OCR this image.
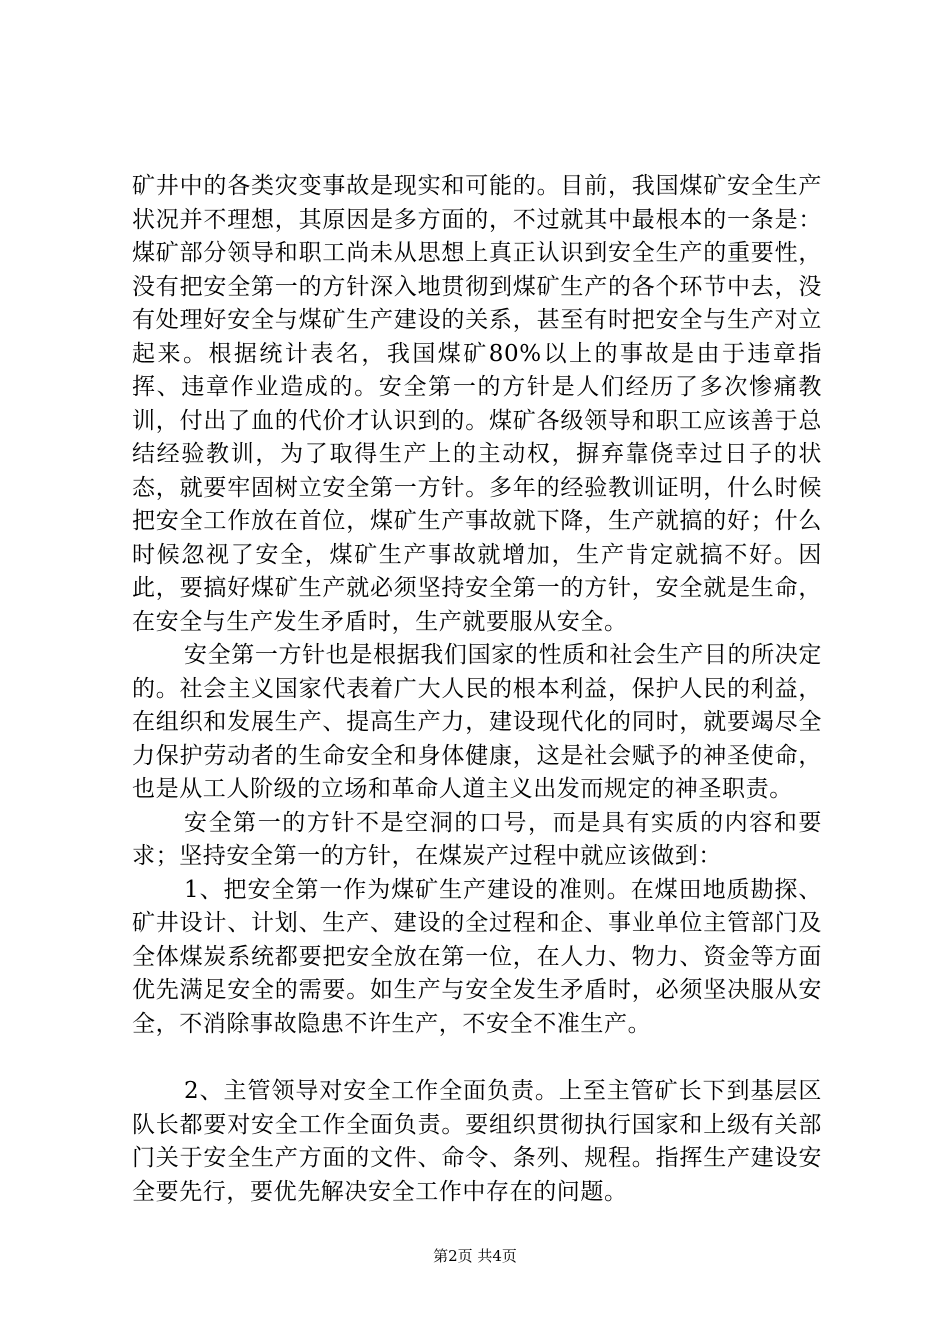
矿井中的各类灾变事故是现实和可能的。目前，我国煤矿安全生产状况并不理想，其原因是多方面的，不过就其中最根本的一条是：煤矿部分领导和职工尚未从思想上真正认识到安全生产的重要性，没有把安全第一的方针深入地贯彻到煤矿生产的各个环节中去，没有处理好安全与煤矿生产建设的关系，甚至有时把安全与生产对立起来。根据统计表名，我国煤矿80%以上的事故是由于违章指挥、违章作业造成的。安全第一的方针是人们经历了多次惨痛教训，付出了血的代价才认识到的。煤矿各级领导和职工应该善于总结经验教训，为了取得生产上的主动权，摒弃靠侥幸过日子的状态，就要牢固树立安全第一方针。多年的经验教训证明，什么时候把安全工作放在首位，煤矿生产事故就下降，生产就搞的好；什么时候忽视了安全，煤矿生产事故就增加，生产肯定就搞不好。因此，要搞好煤矿生产就必须坚持安全第一的方针，安全就是生命，在安全与生产发生矛盾时，生产就要服从安全。

安全第一方针也是根据我们国家的性质和社会生产目的所决定的。社会主义国家代表着广大人民的根本利益，保护人民的利益，在组织和发展生产、提高生产力，建设现代化的同时，就要竭尽全力保护劳动者的生命安全和身体健康，这是社会赋予的神圣使命，也是从工人阶级的立场和革命人道主义出发而规定的神圣职责。

安全第一的方针不是空洞的口号，而是具有实质的内容和要求；坚持安全第一的方针，在煤炭产过程中就应该做到：

1、把安全第一作为煤矿生产建设的准则。在煤田地质勘探、矿井设计、计划、生产、建设的全过程和企、事业单位主管部门及全体煤炭系统都要把安全放在第一位，在人力、物力、资金等方面优先满足安全的需要。如生产与安全发生矛盾时，必须坚决服从安全，不消除事故隐患不许生产，不安全不准生产。

2、主管领导对安全工作全面负责。上至主管矿长下到基层区队长都要对安全工作全面负责。要组织贯彻执行国家和上级有关部门关于安全生产方面的文件、命令、条列、规程。指挥生产建设安全要先行，要优先解决安全工作中存在的问题。

第2页 共4页
